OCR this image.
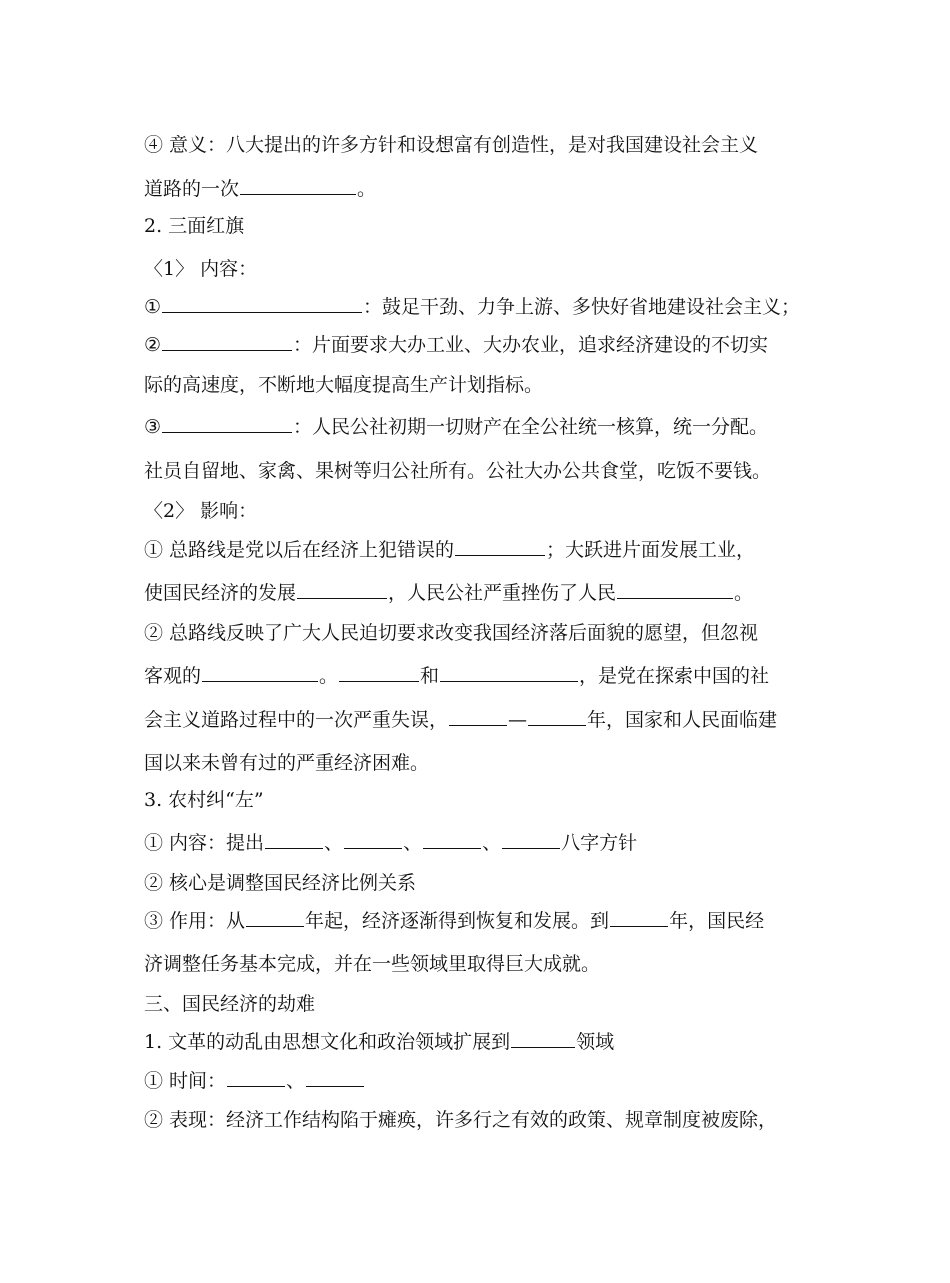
④ 意义：八大提出的许多方针和设想富有创造性，是对我国建设社会主义
道路的一次	。
2. 三面红旗
〈1〉 内容：
①	：鼓足干劲、力争上游、多快好省地建设社会主义；
②	：片面要求大办工业、大办农业，追求经济建设的不切实
际的高速度，不断地大幅度提高生产计划指标。
③	：人民公社初期一切财产在全公社统一核算，统一分配。
社员自留地、家禽、果树等归公社所有。公社大办公共食堂，吃饭不要钱。
〈2〉 影响：
① 总路线是党以后在经济上犯错误的	；大跃进片面发展工业，
使国民经济的发展	，人民公社严重挫伤了人民	。
② 总路线反映了广大人民迫切要求改变我国经济落后面貌的愿望，但忽视
客观的	。	和	，是党在探索中国的社
会主义道路过程中的一次严重失误，	—	年，国家和人民面临建
国以来未曾有过的严重经济困难。
3. 农村纠“左”
① 内容：提出	、	、	、	八字方针
② 核心是调整国民经济比例关系
③ 作用：从	年起，经济逐渐得到恢复和发展。到	年，国民经
济调整任务基本完成，并在一些领域里取得巨大成就。
三、国民经济的劫难
1. 文革的动乱由思想文化和政治领域扩展到	领域
① 时间：	、
② 表现：经济工作结构陷于瘫痪，许多行之有效的政策、规章制度被废除，
